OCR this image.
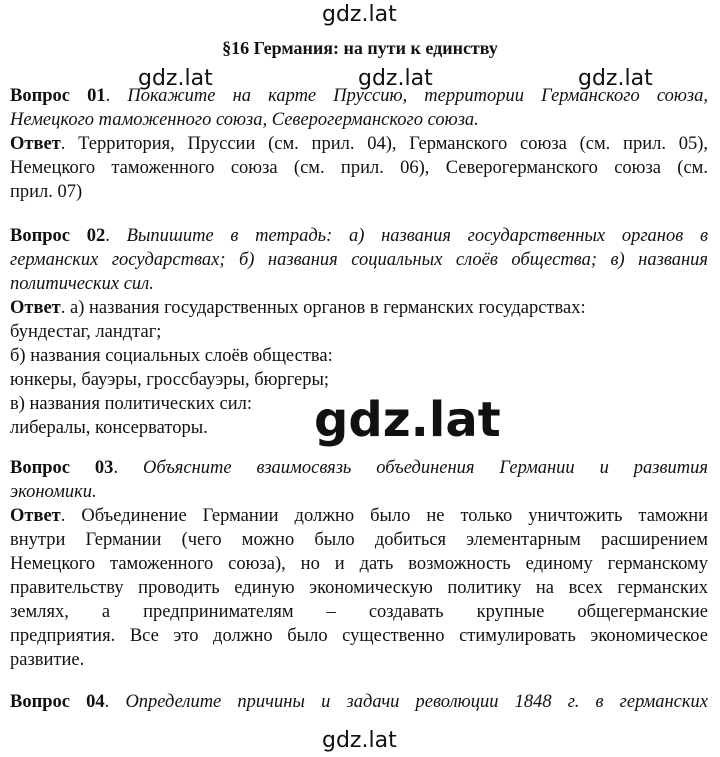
gdz.lat
gdz.lat	gdz.lat	gdz.lat
§16 Германия: на пути к единству
Вопрос 01. Покажите на карте Пруссию, территории Германского союза,
Немецкого таможенного союза, Северогерманского союза.
Ответ. Территория, Пруссии (см. прил. 04), Германского союза (см. прил. 05),
Немецкого таможенного союза (см. прил. 06), Северогерманского союза (см.
прил. 07)
Вопрос 02. Выпишите в тетрадь: а) названия государственных органов в
германских государствах; б) названия социальных слоёв общества; в) названия
политических сил.
Ответ. а) названия государственных органов в германских государствах:
бундестаг, ландтаг;
б) названия социальных слоёв общества:
юнкеры, бауэры, гроссбауэры, бюргеры;
в) названия политических сил:
либералы, консерваторы.	gdz.lat
Вопрос 03. Объясните взаимосвязь объединения Германии и развития
экономики.
Ответ. Объединение Германии должно было не только уничтожить таможни
внутри Германии (чего можно было добиться элементарным расширением
Немецкого таможенного союза), но и дать возможность единому германскому
правительству проводить единую экономическую политику на всех германских
землях, а предпринимателям – создавать крупные общегерманские
предприятия. Все это должно было существенно стимулировать экономическое
развитие.
Вопрос 04. Определите причины и задачи революции 1848 г. в германских
gdz.lat
